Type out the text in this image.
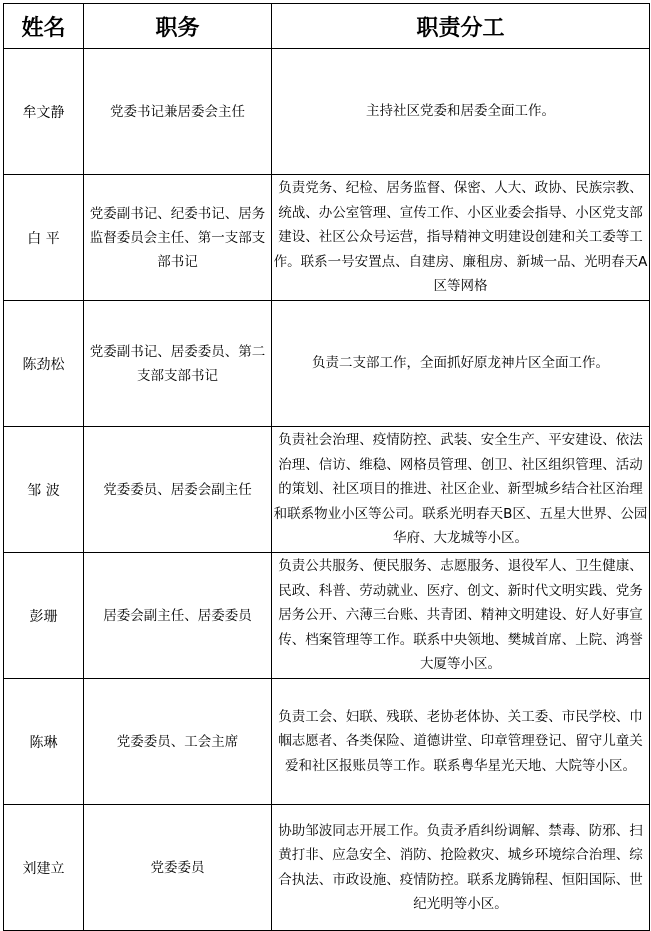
姓名	职务	职责分工
牟文静	党委书记兼居委会主任	主持社区党委和居委全面工作。
白 平	党委副书记、纪委书记、居务监督委员会主任、第一支部支部书记	负责党务、纪检、居务监督、保密、人大、政协、民族宗教、统战、办公室管理、宣传工作、小区业委会指导、小区党支部建设、社区公众号运营，指导精神文明建设创建和关工委等工作。联系一号安置点、自建房、廉租房、新城一品、光明春天A区等网格
陈劲松	党委副书记、居委委员、第二支部支部书记	负责二支部工作，全面抓好原龙神片区全面工作。
邹 波	党委委员、居委会副主任	负责社会治理、疫情防控、武装、安全生产、平安建设、依法治理、信访、维稳、网格员管理、创卫、社区组织管理、活动的策划、社区项目的推进、社区企业、新型城乡结合社区治理和联系物业小区等公司。联系光明春天B区、五星大世界、公园华府、大龙城等小区。
彭珊	居委会副主任、居委委员	负责公共服务、便民服务、志愿服务、退役军人、卫生健康、民政、科普、劳动就业、医疗、创文、新时代文明实践、党务居务公开、六薄三台账、共青团、精神文明建设、好人好事宣传、档案管理等工作。联系中央领地、樊城首席、上院、鸿誉大厦等小区。
陈琳	党委委员、工会主席	负责工会、妇联、残联、老协老体协、关工委、市民学校、巾帼志愿者、各类保险、道德讲堂、印章管理登记、留守儿童关爱和社区报账员等工作。联系粤华星光天地、大院等小区。
刘建立	党委委员	协助邹波同志开展工作。负责矛盾纠纷调解、禁毒、防邪、扫黄打非、应急安全、消防、抢险救灾、城乡环境综合治理、综合执法、市政设施、疫情防控。联系龙腾锦程、恒阳国际、世纪光明等小区。
